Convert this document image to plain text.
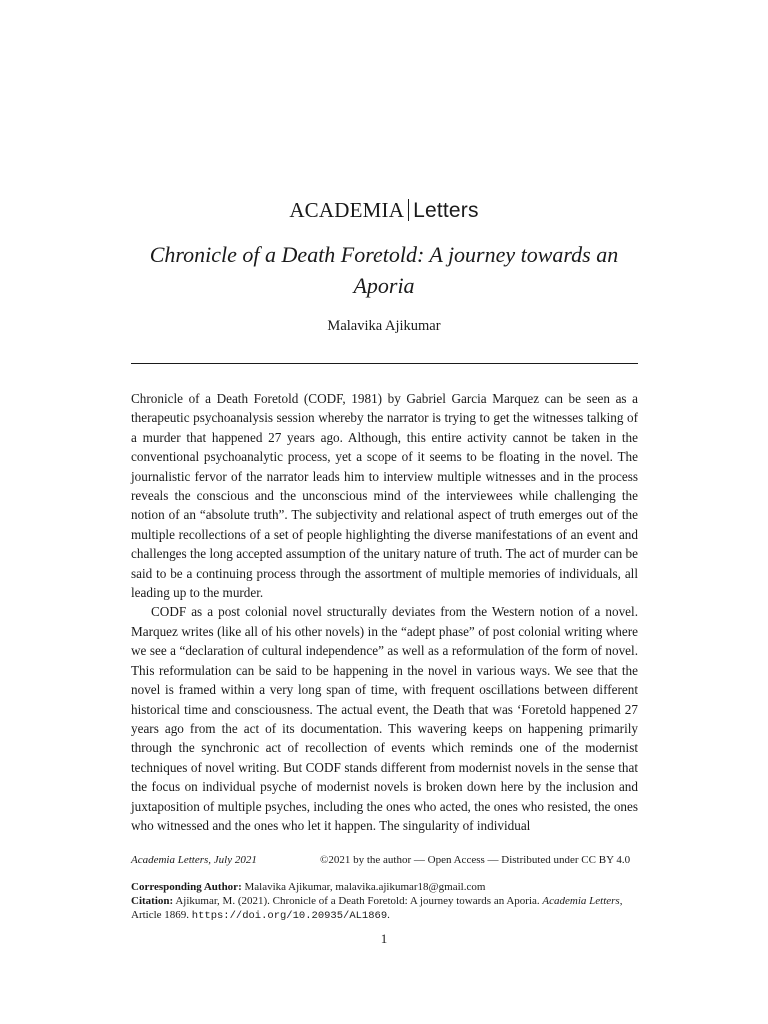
ACADEMIA Letters
Chronicle of a Death Foretold: A journey towards an Aporia
Malavika Ajikumar

Chronicle of a Death Foretold (CODF, 1981) by Gabriel Garcia Marquez can be seen as a therapeutic psychoanalysis session whereby the narrator is trying to get the witnesses talking of a murder that happened 27 years ago. Although, this entire activity cannot be taken in the conventional psychoanalytic process, yet a scope of it seems to be floating in the novel. The journalistic fervor of the narrator leads him to interview multiple witnesses and in the process reveals the conscious and the unconscious mind of the interviewees while challenging the notion of an “absolute truth”. The subjectivity and relational aspect of truth emerges out of the multiple recollections of a set of people highlighting the diverse manifestations of an event and challenges the long accepted assumption of the unitary nature of truth. The act of murder can be said to be a continuing process through the assortment of multiple memories of individuals, all leading up to the murder.

CODF as a post colonial novel structurally deviates from the Western notion of a novel. Marquez writes (like all of his other novels) in the “adept phase” of post colonial writing where we see a “declaration of cultural independence” as well as a reformulation of the form of novel. This reformulation can be said to be happening in the novel in various ways. We see that the novel is framed within a very long span of time, with frequent oscillations between different historical time and consciousness. The actual event, the Death that was ‘Foretold happened 27 years ago from the act of its documentation. This wavering keeps on happening primarily through the synchronic act of recollection of events which reminds one of the modernist techniques of novel writing. But CODF stands different from modernist novels in the sense that the focus on individual psyche of modernist novels is broken down here by the inclusion and juxtaposition of multiple psyches, including the ones who acted, the ones who resisted, the ones who witnessed and the ones who let it happen. The singularity of individual

Academia Letters, July 2021	©2021 by the author — Open Access — Distributed under CC BY 4.0
Corresponding Author: Malavika Ajikumar, malavika.ajikumar18@gmail.com
Citation: Ajikumar, M. (2021). Chronicle of a Death Foretold: A journey towards an Aporia. Academia Letters, Article 1869. https://doi.org/10.20935/AL1869.
1
